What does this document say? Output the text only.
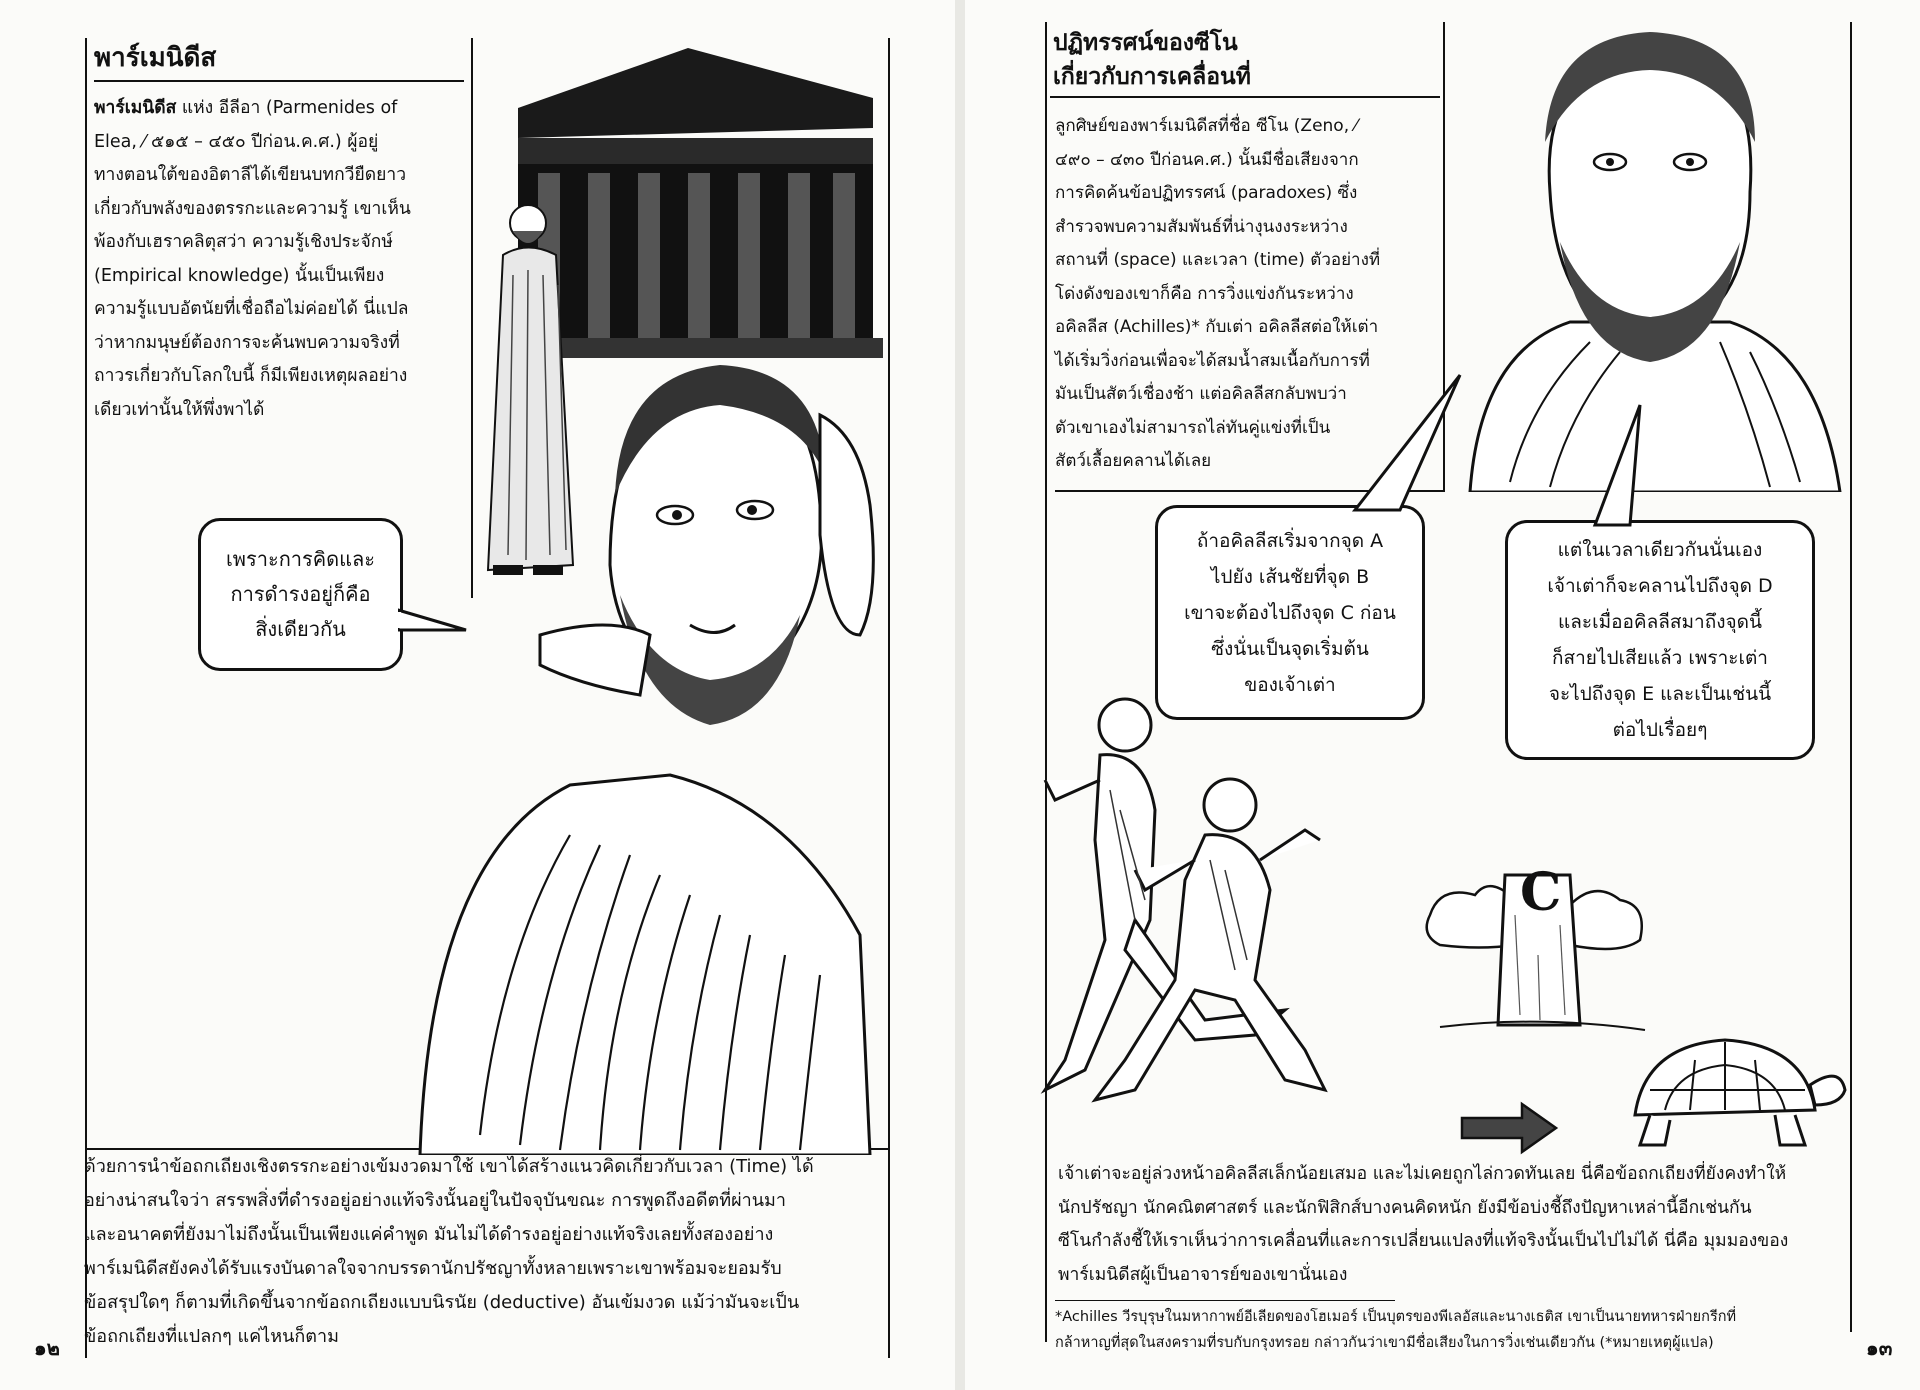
พาร์เมนิดีส
พาร์เมนิดีส แห่ง อีลีอา (Parmenides of
Elea, ⁄ ๕๑๕ – ๔๕๐ ปีก่อน.ค.ศ.) ผู้อยู่
ทางตอนใต้ของอิตาลีได้เขียนบทกวียืดยาว
เกี่ยวกับพลังของตรรกะและความรู้ เขาเห็น
พ้องกับเฮราคลิตุสว่า ความรู้เชิงประจักษ์
(Empirical knowledge) นั้นเป็นเพียง
ความรู้แบบอัตนัยที่เชื่อถือไม่ค่อยได้ นี่แปล
ว่าหากมนุษย์ต้องการจะค้นพบความจริงที่
ถาวรเกี่ยวกับโลกใบนี้ ก็มีเพียงเหตุผลอย่าง
เดียวเท่านั้นให้พึ่งพาได้
เพราะการคิดและ
การดำรงอยู่ก็คือ
สิ่งเดียวกัน
ด้วยการนำข้อถกเถียงเชิงตรรกะอย่างเข้มงวดมาใช้ เขาได้สร้างแนวคิดเกี่ยวกับเวลา (Time) ได้
อย่างน่าสนใจว่า สรรพสิ่งที่ดำรงอยู่อย่างแท้จริงนั้นอยู่ในปัจจุบันขณะ การพูดถึงอดีตที่ผ่านมา
และอนาคตที่ยังมาไม่ถึงนั้นเป็นเพียงแค่คำพูด มันไม่ได้ดำรงอยู่อย่างแท้จริงเลยทั้งสองอย่าง
พาร์เมนิดีสยังคงได้รับแรงบันดาลใจจากบรรดานักปรัชญาทั้งหลายเพราะเขาพร้อมจะยอมรับ
ข้อสรุปใดๆ ก็ตามที่เกิดขึ้นจากข้อถกเถียงแบบนิรนัย (deductive) อันเข้มงวด แม้ว่ามันจะเป็น
ข้อถกเถียงที่แปลกๆ แค่ไหนก็ตาม
๑๒
ปฏิทรรศน์ของซีโน
เกี่ยวกับการเคลื่อนที่
ลูกศิษย์ของพาร์เมนิดีสที่ชื่อ ซีโน (Zeno, ⁄
๔๙๐ – ๔๓๐ ปีก่อนค.ศ.) นั้นมีชื่อเสียงจาก
การคิดค้นข้อปฏิทรรศน์ (paradoxes) ซึ่ง
สำรวจพบความสัมพันธ์ที่น่างุนงงระหว่าง
สถานที่ (space) และเวลา (time) ตัวอย่างที่
โด่งดังของเขาก็คือ การวิ่งแข่งกันระหว่าง
อคิลลีส (Achilles)* กับเต่า อคิลลีสต่อให้เต่า
ได้เริ่มวิ่งก่อนเพื่อจะได้สมน้ำสมเนื้อกับการที่
มันเป็นสัตว์เชื่องช้า แต่อคิลลีสกลับพบว่า
ตัวเขาเองไม่สามารถไล่ทันคู่แข่งที่เป็น
สัตว์เลื้อยคลานได้เลย
ถ้าอคิลลีสเริ่มจากจุด A
ไปยัง เส้นชัยที่จุด B
เขาจะต้องไปถึงจุด C ก่อน
ซึ่งนั่นเป็นจุดเริ่มต้น
ของเจ้าเต่า
แต่ในเวลาเดียวกันนั่นเอง
เจ้าเต่าก็จะคลานไปถึงจุด D
และเมื่ออคิลลีสมาถึงจุดนี้
ก็สายไปเสียแล้ว เพราะเต่า
จะไปถึงจุด E และเป็นเช่นนี้
ต่อไปเรื่อยๆ
C
เจ้าเต่าจะอยู่ล่วงหน้าอคิลลีสเล็กน้อยเสมอ และไม่เคยถูกไล่กวดทันเลย นี่คือข้อถกเถียงที่ยังคงทำให้
นักปรัชญา นักคณิตศาสตร์ และนักฟิสิกส์บางคนคิดหนัก ยังมีข้อบ่งชี้ถึงปัญหาเหล่านี้อีกเช่นกัน
ซีโนกำลังชี้ให้เราเห็นว่าการเคลื่อนที่และการเปลี่ยนแปลงที่แท้จริงนั้นเป็นไปไม่ได้ นี่คือ มุมมองของ
พาร์เมนิดีสผู้เป็นอาจารย์ของเขานั่นเอง
*Achilles วีรบุรุษในมหากาพย์อีเลียดของโฮเมอร์ เป็นบุตรของพีเลอัสและนางเธติส เขาเป็นนายทหารฝ่ายกรีกที่
กล้าหาญที่สุดในสงครามที่รบกับกรุงทรอย กล่าวกันว่าเขามีชื่อเสียงในการวิ่งเช่นเดียวกัน (*หมายเหตุผู้แปล)	๑๓
